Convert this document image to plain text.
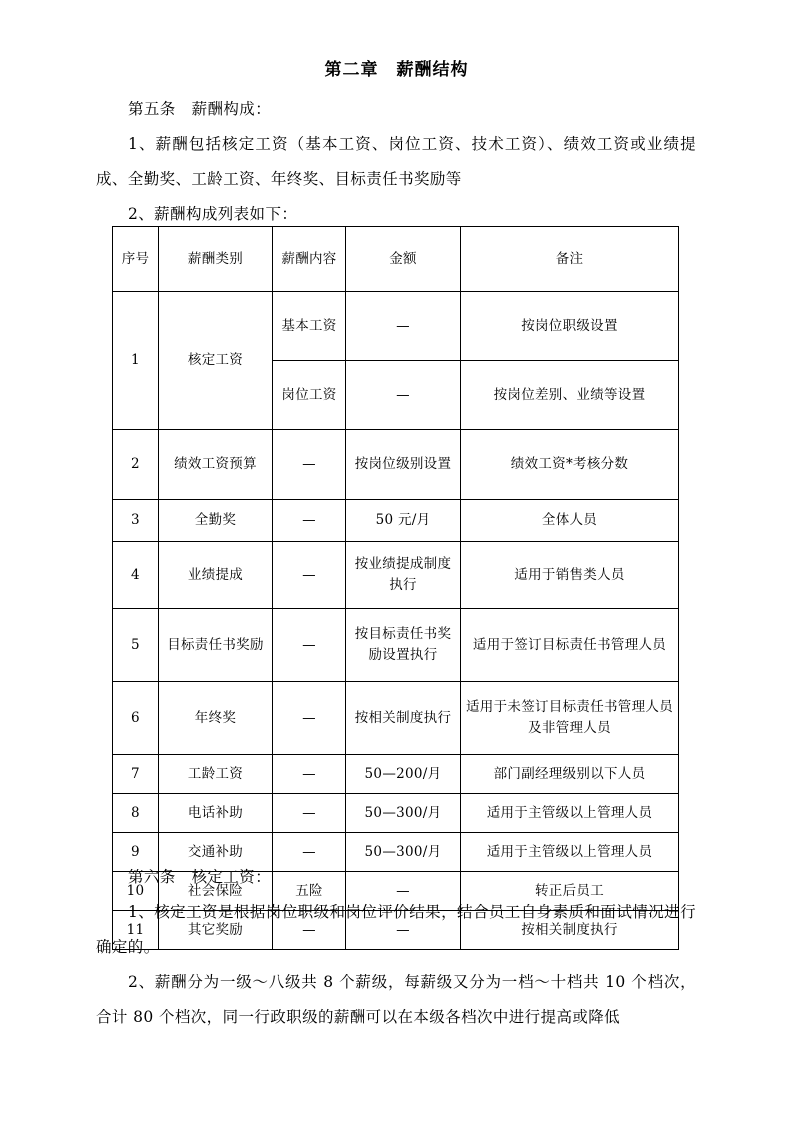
第二章　薪酬结构

第五条　薪酬构成：

1、薪酬包括核定工资（基本工资、岗位工资、技术工资）、绩效工资或业绩提成、全勤奖、工龄工资、年终奖、目标责任书奖励等

2、薪酬构成列表如下：

序号	薪酬类别	薪酬内容	金额	备注
1	核定工资	基本工资	—	按岗位职级设置
		岗位工资	—	按岗位差别、业绩等设置
2	绩效工资预算	—	按岗位级别设置	绩效工资*考核分数
3	全勤奖	—	50 元/月	全体人员
4	业绩提成	—	按业绩提成制度执行	适用于销售类人员
5	目标责任书奖励	—	按目标责任书奖励设置执行	适用于签订目标责任书管理人员
6	年终奖	—	按相关制度执行	适用于未签订目标责任书管理人员及非管理人员
7	工龄工资	—	50—200/月	部门副经理级别以下人员
8	电话补助	—	50—300/月	适用于主管级以上管理人员
9	交通补助	—	50—300/月	适用于主管级以上管理人员
10	社会保险	五险	—	转正后员工
11	其它奖励	—	—	按相关制度执行

第六条　核定工资：

1、核定工资是根据岗位职级和岗位评价结果，结合员工自身素质和面试情况进行确定的。

2、薪酬分为一级～八级共 8 个薪级，每薪级又分为一档～十档共 10 个档次，合计 80 个档次，同一行政职级的薪酬可以在本级各档次中进行提高或降低
